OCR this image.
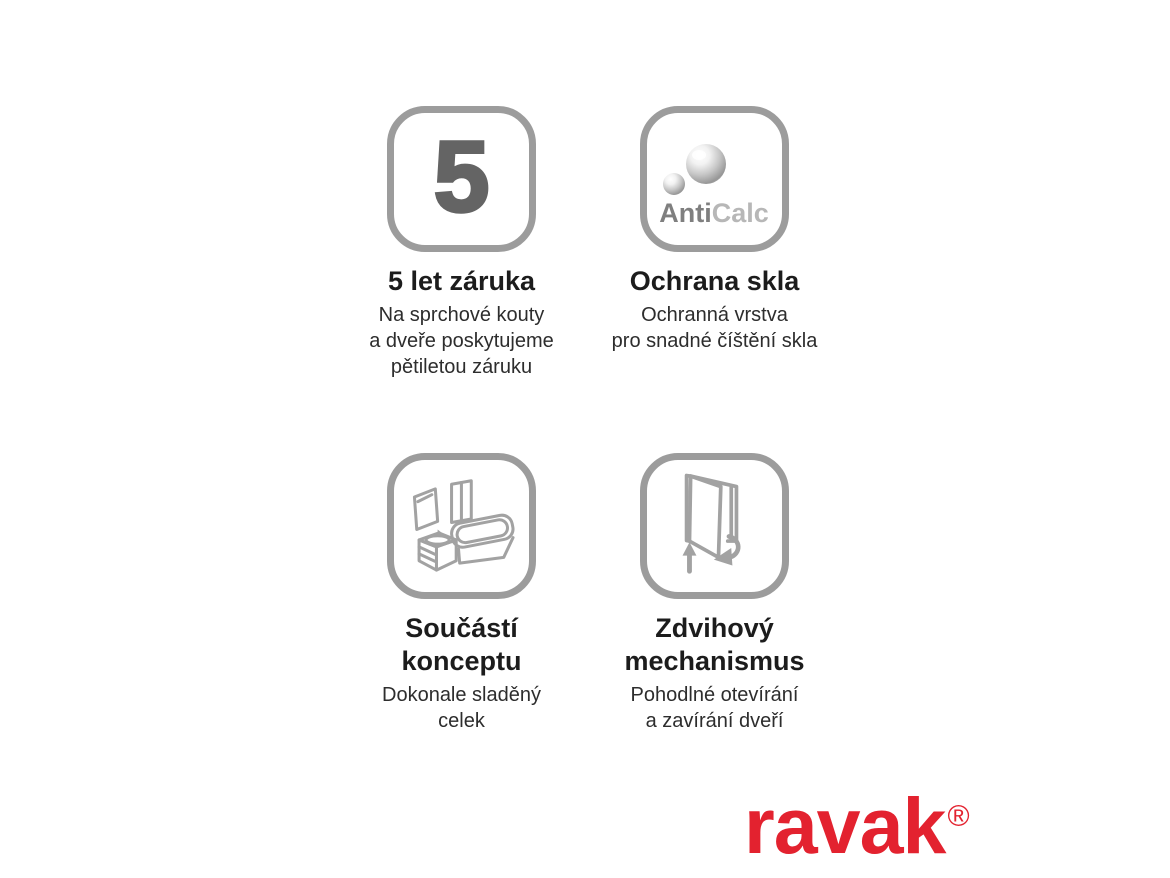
5
5 let záruka
Na sprchové kouty
a dveře poskytujeme
pětiletou záruku
AntiCalc
Ochrana skla
Ochranná vrstva
pro snadné číštění skla
Součástí
konceptu
Dokonale sladěný
celek
Zdvihový
mechanismus
Pohodlné otevírání
a zavírání dveří
ravak®
